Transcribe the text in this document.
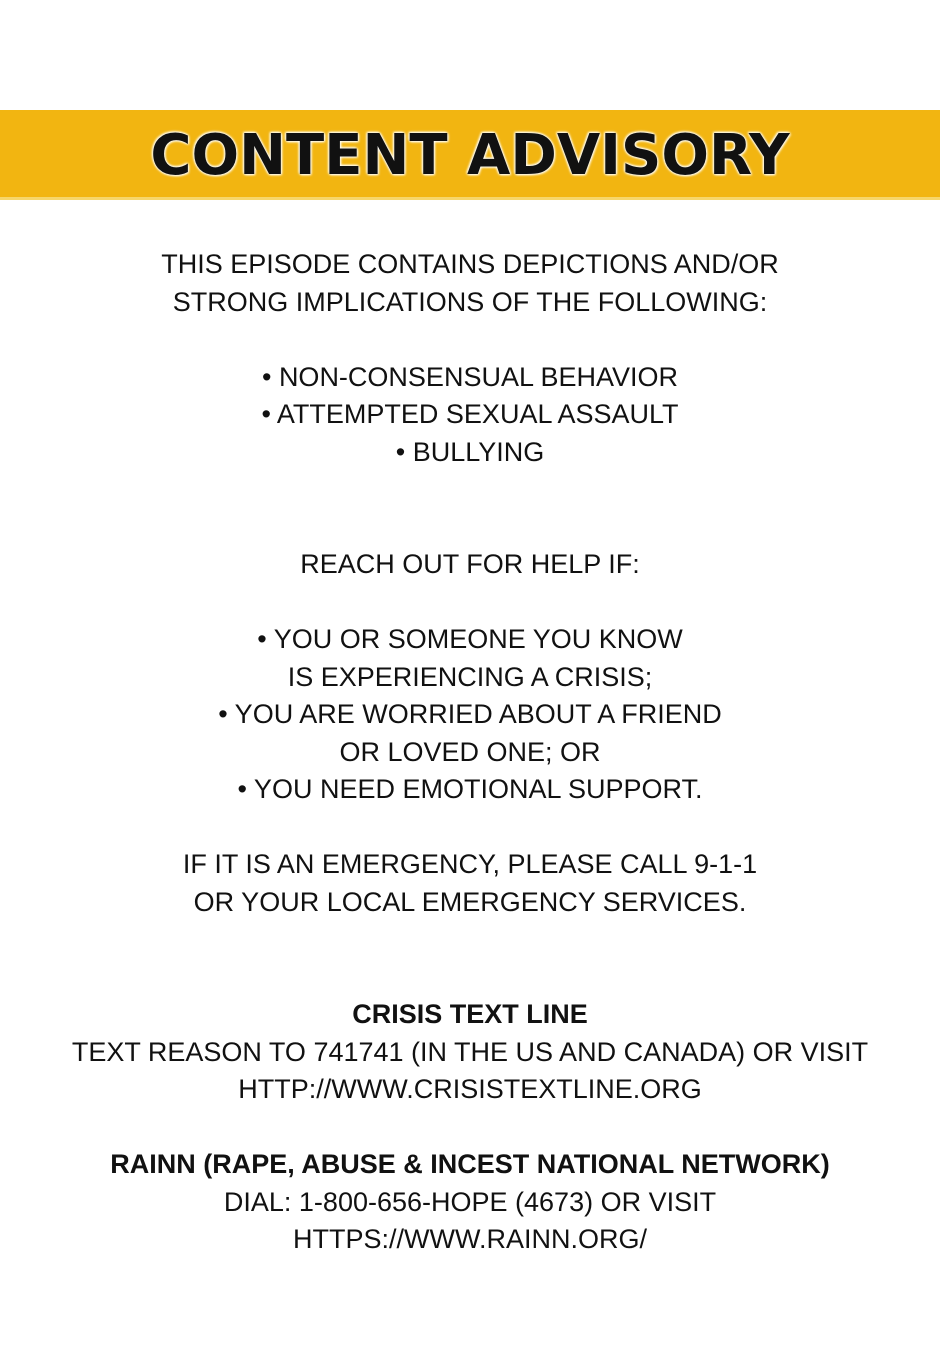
CONTENT ADVISORY
THIS EPISODE CONTAINS DEPICTIONS AND/OR
STRONG IMPLICATIONS OF THE FOLLOWING:
• NON-CONSENSUAL BEHAVIOR
• ATTEMPTED SEXUAL ASSAULT
• BULLYING
REACH OUT FOR HELP IF:
• YOU OR SOMEONE YOU KNOW
IS EXPERIENCING A CRISIS;
• YOU ARE WORRIED ABOUT A FRIEND
OR LOVED ONE; OR
• YOU NEED EMOTIONAL SUPPORT.
IF IT IS AN EMERGENCY, PLEASE CALL 9-1-1
OR YOUR LOCAL EMERGENCY SERVICES.
CRISIS TEXT LINE
TEXT REASON TO 741741 (IN THE US AND CANADA) OR VISIT
HTTP://WWW.CRISISTEXTLINE.ORG
RAINN (RAPE, ABUSE & INCEST NATIONAL NETWORK)
DIAL: 1-800-656-HOPE (4673) OR VISIT
HTTPS://WWW.RAINN.ORG/
